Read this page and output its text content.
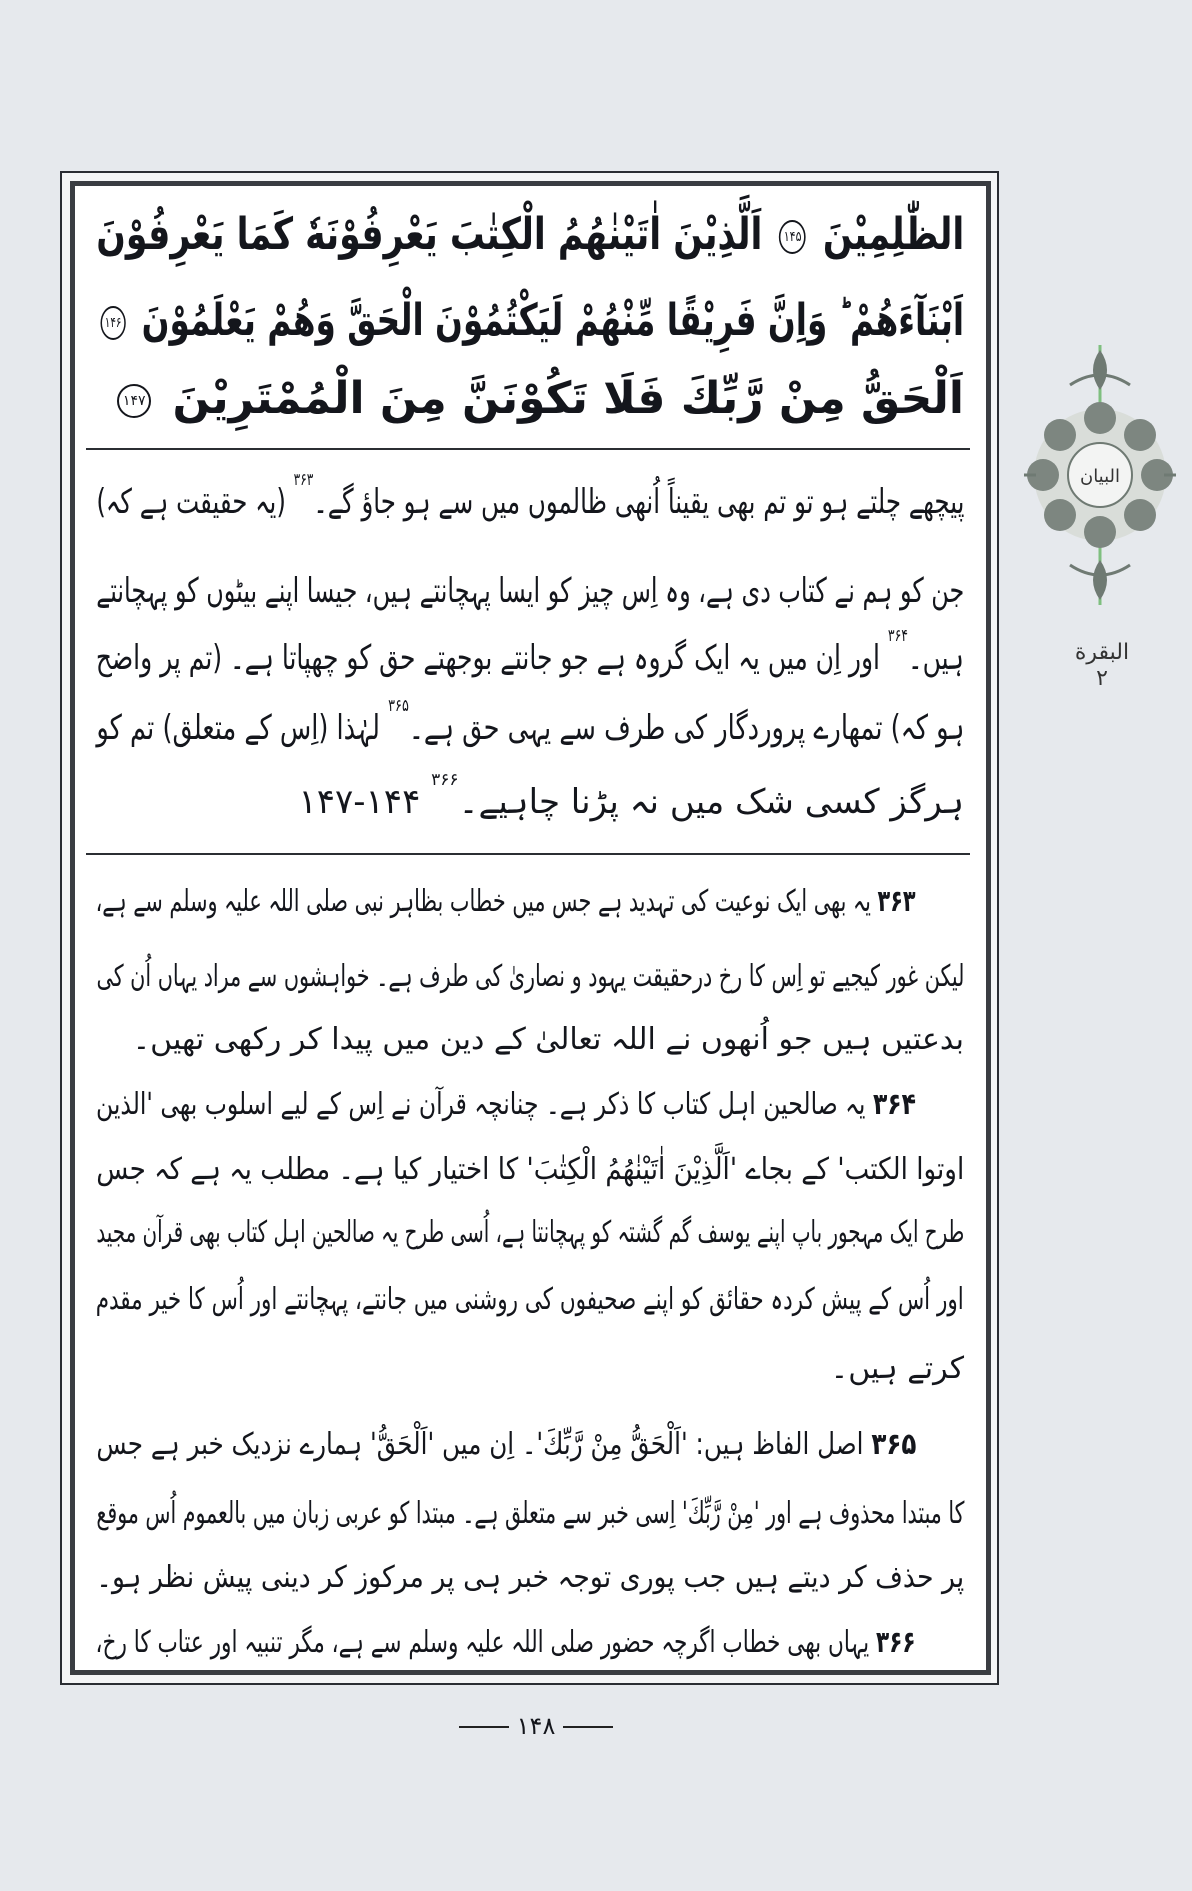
الظّٰلِمِيْنَ ۱۴۵ اَلَّذِيْنَ اٰتَيْنٰهُمُ الْكِتٰبَ يَعْرِفُوْنَهٗ كَمَا يَعْرِفُوْنَ
اَبْنَآءَهُمْ ؕ وَاِنَّ فَرِيْقًا مِّنْهُمْ لَيَكْتُمُوْنَ الْحَقَّ وَهُمْ يَعْلَمُوْنَ ۱۴۶
اَلْحَقُّ مِنْ رَّبِّكَ فَلَا تَكُوْنَنَّ مِنَ الْمُمْتَرِيْنَ ۱۴۷
پیچھے چلتے ہو تو تم بھی یقیناً اُنھی ظالموں میں سے ہو جاؤ گے۔$^{۳۶۳}$ (یہ حقیقت ہے کہ)
جن کو ہم نے کتاب دی ہے، وہ اِس چیز کو ایسا پہچانتے ہیں، جیسا اپنے بیٹوں کو پہچانتے
ہیں۔$^{۳۶۴}$ اور اِن میں یہ ایک گروہ ہے جو جانتے بوجھتے حق کو چھپاتا ہے۔ (تم پر واضح
ہو کہ) تمھارے پروردگار کی طرف سے یہی حق ہے۔$^{۳۶۵}$ لہٰذا (اِس کے متعلق) تم کو
ہرگز کسی شک میں نہ پڑنا چاہیے۔$^{۳۶۶}$ ۱۴۴-۱۴۷
۳۶۳ یہ بھی ایک نوعیت کی تہدید ہے جس میں خطاب بظاہر نبی صلی اللہ علیہ وسلم سے ہے،
لیکن غور کیجیے تو اِس کا رخ درحقیقت یہود و نصاریٰ کی طرف ہے۔ خواہشوں سے مراد یہاں اُن کی
بدعتیں ہیں جو اُنھوں نے اللہ تعالیٰ کے دین میں پیدا کر رکھی تھیں۔
۳۶۴ یہ صالحین اہل کتاب کا ذکر ہے۔ چنانچہ قرآن نے اِس کے لیے اسلوب بھی 'الذین
اوتوا الکتب' کے بجاے 'اَلَّذِيْنَ اٰتَيْنٰهُمُ الْكِتٰبَ' کا اختیار کیا ہے۔ مطلب یہ ہے کہ جس
طرح ایک مہجور باپ اپنے یوسف گم گشتہ کو پہچانتا ہے، اُسی طرح یہ صالحین اہل کتاب بھی قرآن مجید
اور اُس کے پیش کردہ حقائق کو اپنے صحیفوں کی روشنی میں جانتے، پہچانتے اور اُس کا خیر مقدم
کرتے ہیں۔
۳۶۵ اصل الفاظ ہیں: 'اَلْحَقُّ مِنْ رَّبِّكَ'۔ اِن میں 'اَلْحَقُّ' ہمارے نزدیک خبر ہے جس
کا مبتدا محذوف ہے اور 'مِنْ رَّبِّكَ' اِسی خبر سے متعلق ہے۔ مبتدا کو عربی زبان میں بالعموم اُس موقع
پر حذف کر دیتے ہیں جب پوری توجہ خبر ہی پر مرکوز کر دینی پیش نظر ہو۔
۳۶۶ یہاں بھی خطاب اگرچہ حضور صلی اللہ علیہ وسلم سے ہے، مگر تنبیہ اور عتاب کا رخ،
۱۴۸
البیان
البقرة
۲
